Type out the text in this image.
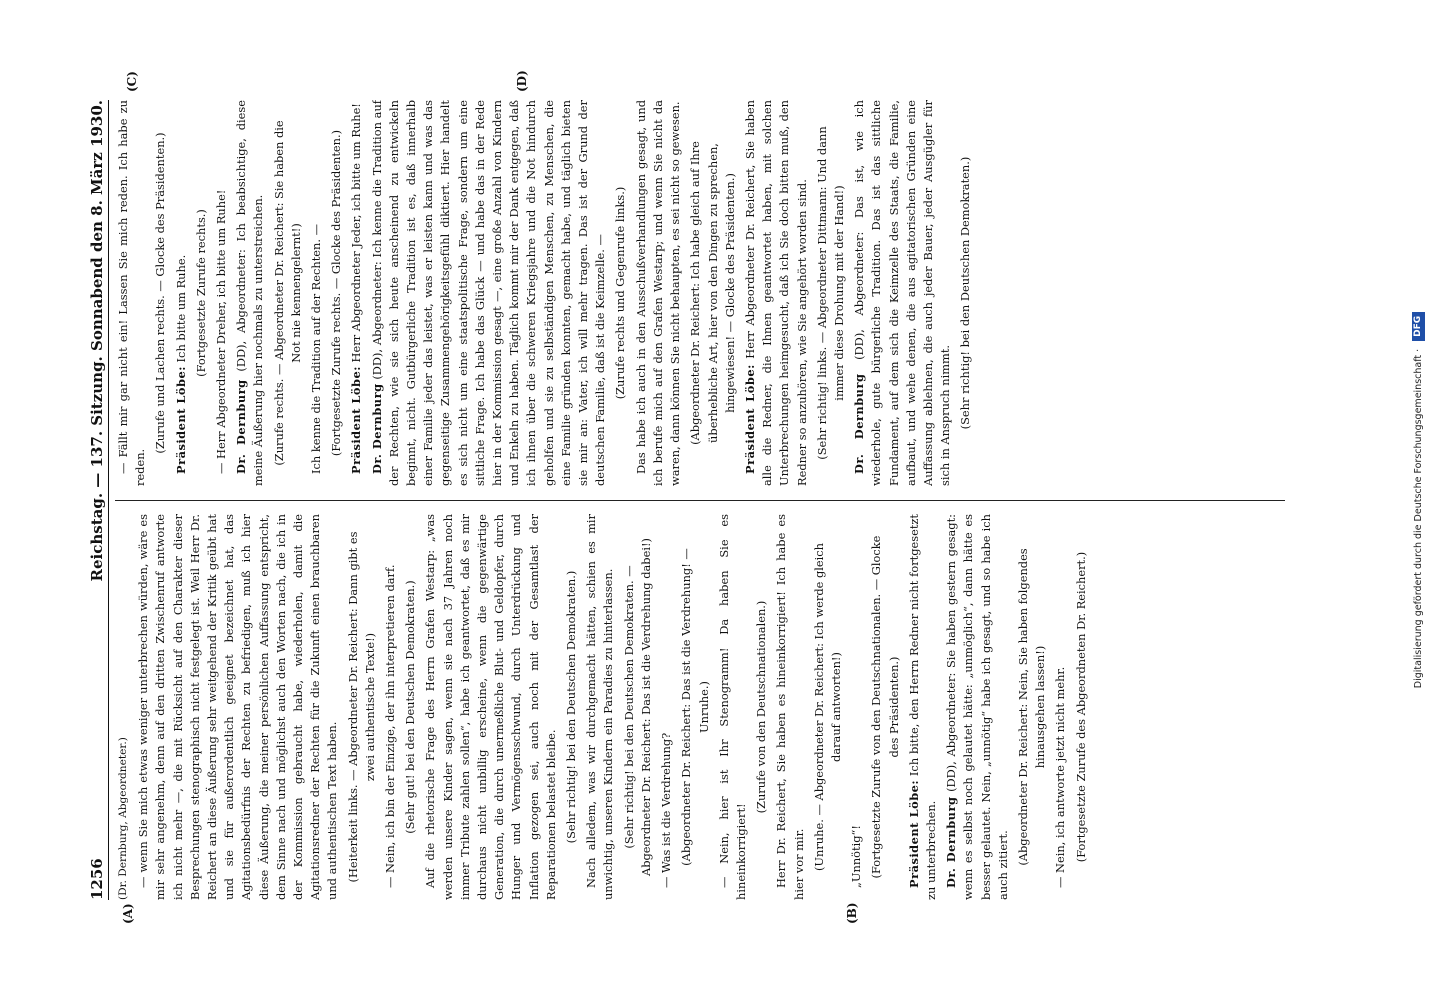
1256
Reichstag. — 137. Sitzung. Sonnabend den 8. März 1930.
(A)	(B)
(C)	(D)

(Dr. Dernburg, Abgeordneter.) — wenn Sie mich etwas weniger unterbrechen würden, wäre es mir sehr angenehm, denn auf den dritten Zwischenruf antworte ich nicht mehr —, die mit Rücksicht auf den Charakter dieser Besprechungen stenographisch nicht festgelegt ist. Weil Herr Dr. Reichert an diese Äußerung sehr weitgehend der Kritik geübt hat und sie für außerordentlich geeignet bezeichnet hat, das Agitationsbedürfnis der Rechten zu befriedigen, muß ich hier diese Äußerung, die meiner persönlichen Auffassung entspricht, dem Sinne nach und möglichst auch den Worten nach, die ich in der Kommission gebraucht habe, wiederholen, damit die Agitationsredner der Rechten für die Zukunft einen brauchbaren und authentischen Text haben. (Heiterkeit links. — Abgeordneter Dr. Reichert: Dann gibt es zwei authentische Texte!) — Nein, ich bin der Einzige, der ihn interpretieren darf. (Sehr gut! bei den Deutschen Demokraten.) Auf die rhetorische Frage des Herrn Grafen Westarp: „was werden unsere Kinder sagen, wenn sie nach 37 Jahren noch immer Tribute zahlen sollen“, habe ich geantwortet, daß es mir durchaus nicht unbillig erscheine, wenn die gegenwärtige Generation, die durch unermeßliche Blut- und Geldopfer, durch Hunger und Vermögensschwund, durch Unterdrückung und Inflation gezogen sei, auch noch mit der Gesamtlast der Reparationen belastet bleibe. (Sehr richtig! bei den Deutschen Demokraten.) Nach alledem, was wir durchgemacht hätten, schien es mir unwichtig, unseren Kindern ein Paradies zu hinterlassen. (Sehr richtig! bei den Deutschen Demokraten. — Abgeordneter Dr. Reichert: Das ist die Verdrehung dabei!) — Was ist die Verdrehung? (Abgeordneter Dr. Reichert: Das ist die Verdrehung! — Unruhe.) — Nein, hier ist Ihr Stenogramm! Da haben Sie es hineinkorrigiert!

(Zurufe von den Deutschnationalen.) Herr Dr. Reichert, Sie haben es hineinkorrigiert! Ich habe es hier vor mir. (Unruhe. — Abgeordneter Dr. Reichert: Ich werde gleich darauf antworten!)

„Unnötig“! (Fortgesetzte Zurufe von den Deutschnationalen. — Glocke des Präsidenten.)

Präsident Löbe: Ich bitte, den Herrn Redner nicht fortgesetzt zu unterbrechen. Dr. Dernburg (DD), Abgeordneter: Sie haben gestern gesagt: wenn es selbst noch gelautet hätte: „unmöglich“, dann hätte es besser gelautet. Nein, „unnötig“ habe ich gesagt, und so habe ich auch zitiert. (Abgeordneter Dr. Reichert: Nein, Sie haben folgendes hinausgehen lassen!) — Nein, ich antworte jetzt nicht mehr. (Fortgesetzte Zurufe des Abgeordneten Dr. Reichert.)

— Fällt mir gar nicht ein! Lassen Sie mich reden. Ich habe zu reden.

(Zurufe und Lachen rechts. — Glocke des Präsidenten.) Präsident Löbe: Ich bitte um Ruhe. (Fortgesetzte Zurufe rechts.) — Herr Abgeordneter Dreher, ich bitte um Ruhe! Dr. Dernburg (DD), Abgeordneter: Ich beabsichtige, diese meine Äußerung hier nochmals zu unterstreichen. (Zurufe rechts. — Abgeordneter Dr. Reichert: Sie haben die Not nie kennengelernt!) Ich kenne die Tradition auf der Rechten. — (Fortgesetzte Zurufe rechts. — Glocke des Präsidenten.) Präsident Löbe: Herr Abgeordneter Jeder, ich bitte um Ruhe!

Dr. Dernburg (DD), Abgeordneter: Ich kenne die Tradition auf der Rechten, wie sie sich heute anscheinend zu entwickeln beginnt, nicht. Gutbürgerliche Tradition ist es, daß innerhalb einer Familie jeder das leistet, was er leisten kann und was das gegenseitige Zusammengehörigkeitsgefühl diktiert. Hier handelt es sich nicht um eine staatspolitische Frage, sondern um eine sittliche Frage. Ich habe das Glück — und habe das in der Rede hier in der Kommission gesagt —, eine große Anzahl von Kindern und Enkeln zu haben. Täglich kommt mir der Dank entgegen, daß ich ihnen über die schweren Kriegsjahre und die Not hindurch geholfen und sie zu selbständigen Menschen, zu Menschen, die eine Familie gründen konnten, gemacht habe, und täglich bieten sie mir an: Vater, ich will mehr tragen. Das ist der Grund der deutschen Familie, daß ist die Keimzelle. — (Zurufe rechts und Gegenrufe links.) Das habe ich auch in den Ausschußverhandlungen gesagt, und ich berufe mich auf den Grafen Westarp; und wenn Sie nicht da waren, dann können Sie nicht behaupten, es sei nicht so gewesen. (Abgeordneter Dr. Reichert: Ich habe gleich auf Ihre überhebliche Art, hier von den Dingen zu sprechen, hingewiesen! — Glocke des Präsidenten.)

Präsident Löbe: Herr Abgeordneter Dr. Reichert, Sie haben alle die Redner, die Ihnen geantwortet haben, mit solchen Unterbrechungen heimgesucht, daß ich Sie doch bitten muß, den Redner so anzuhören, wie Sie angehört worden sind. (Sehr richtig! links. — Abgeordneter Dittmann: Und dann immer diese Drohung mit der Hand!)

Dr. Dernburg (DD), Abgeordneter: Das ist, wie ich wiederhole, gute bürgerliche Tradition. Das ist das sittliche Fundament, auf dem sich die Keimzelle des Staats, die Familie, aufbaut, und wehe denen, die aus agitatorischen Gründen eine Auffassung ablehnen, die auch jeder Bauer, jeder Ausgügler für sich in Anspruch nimmt. (Sehr richtig! bei den Deutschen Demokraten.)

Digitalisierung gefördert durch die Deutsche Forschungsgemeinschaft ·
DFG
